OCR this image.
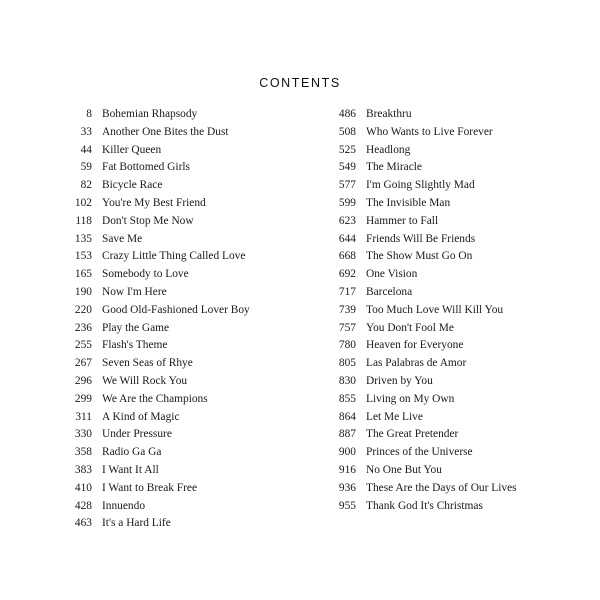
CONTENTS
8 Bohemian Rhapsody
33 Another One Bites the Dust
44 Killer Queen
59 Fat Bottomed Girls
82 Bicycle Race
102 You're My Best Friend
118 Don't Stop Me Now
135 Save Me
153 Crazy Little Thing Called Love
165 Somebody to Love
190 Now I'm Here
220 Good Old-Fashioned Lover Boy
236 Play the Game
255 Flash's Theme
267 Seven Seas of Rhye
296 We Will Rock You
299 We Are the Champions
311 A Kind of Magic
330 Under Pressure
358 Radio Ga Ga
383 I Want It All
410 I Want to Break Free
428 Innuendo
463 It's a Hard Life
486 Breakthru
508 Who Wants to Live Forever
525 Headlong
549 The Miracle
577 I'm Going Slightly Mad
599 The Invisible Man
623 Hammer to Fall
644 Friends Will Be Friends
668 The Show Must Go On
692 One Vision
717 Barcelona
739 Too Much Love Will Kill You
757 You Don't Fool Me
780 Heaven for Everyone
805 Las Palabras de Amor
830 Driven by You
855 Living on My Own
864 Let Me Live
887 The Great Pretender
900 Princes of the Universe
916 No One But You
936 These Are the Days of Our Lives
955 Thank God It's Christmas
